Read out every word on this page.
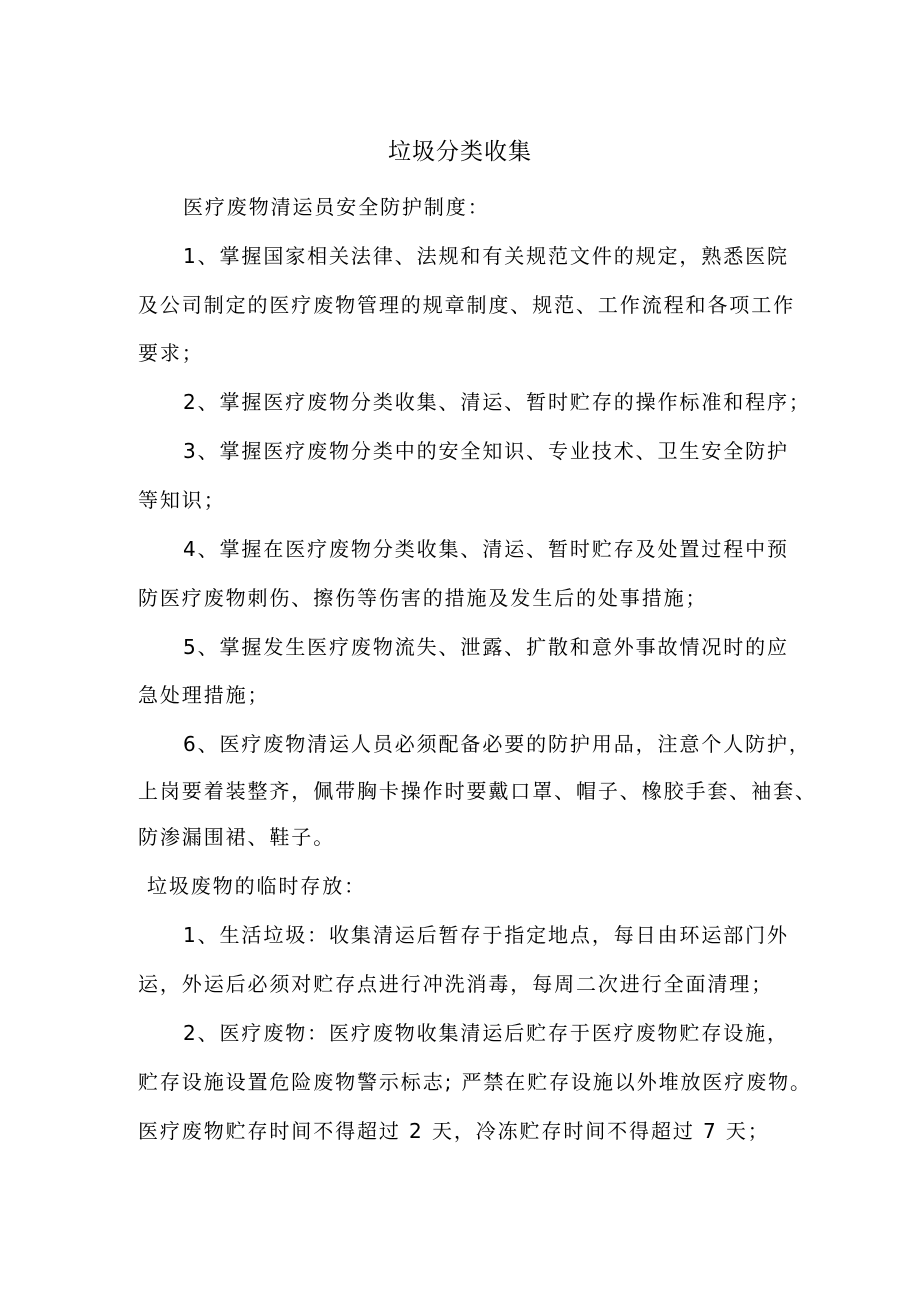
垃圾分类收集
医疗废物清运员安全防护制度：
1、掌握国家相关法律、法规和有关规范文件的规定，熟悉医院
及公司制定的医疗废物管理的规章制度、规范、工作流程和各项工作
要求；
2、掌握医疗废物分类收集、清运、暂时贮存的操作标准和程序；
3、掌握医疗废物分类中的安全知识、专业技术、卫生安全防护
等知识；
4、掌握在医疗废物分类收集、清运、暂时贮存及处置过程中预
防医疗废物刺伤、擦伤等伤害的措施及发生后的处事措施；
5、掌握发生医疗废物流失、泄露、扩散和意外事故情况时的应
急处理措施；
6、医疗废物清运人员必须配备必要的防护用品，注意个人防护，
上岗要着装整齐，佩带胸卡操作时要戴口罩、帽子、橡胶手套、袖套、
防渗漏围裙、鞋子。
垃圾废物的临时存放：
1、生活垃圾：收集清运后暂存于指定地点，每日由环运部门外
运，外运后必须对贮存点进行冲洗消毒，每周二次进行全面清理；
2、医疗废物：医疗废物收集清运后贮存于医疗废物贮存设施，
贮存设施设置危险废物警示标志; 严禁在贮存设施以外堆放医疗废物。
医疗废物贮存时间不得超过 2 天，冷冻贮存时间不得超过 7 天；
